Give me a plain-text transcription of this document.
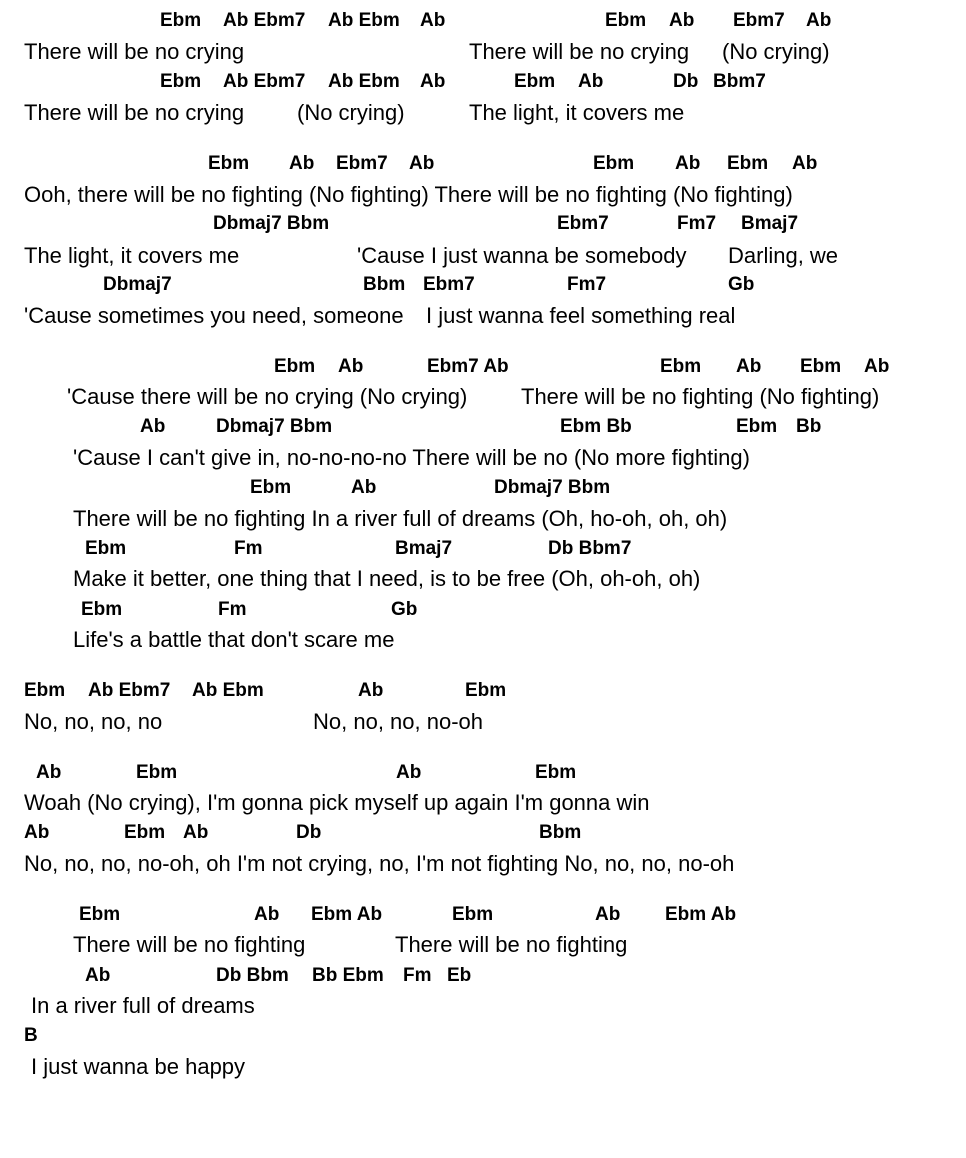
Ebm

Ab Ebm7

Ab Ebm

Ab

	Ebm

Ab

Ebm7

Ab

There will be no crying

	There will be no crying

(No crying)

Ebm

Ab Ebm7

Ab Ebm

Ab

	Ebm

Ab

	Db

Bbm7

There will be no crying

(No crying)

	The light, it covers me

Ebm

Ab

Ebm7

Ab

	Ebm

Ab

Ebm

Ab

Ooh, there will be no fighting (No fighting) There will be no fighting (No fighting)

Dbmaj7 Bbm

	Ebm7

	Fm7

Bmaj7

The light, it covers me

	'Cause I just wanna be somebody

Darling, we

Dbmaj7

	Bbm

Ebm7

	Fm7

	Gb

'Cause sometimes you need, someone

I just wanna feel something real

Ebm

Ab

	Ebm7 Ab

	Ebm

Ab

Ebm

Ab

'Cause there will be no crying (No crying)

There will be no fighting (No fighting)

Ab

	Dbmaj7 Bbm

	Ebm Bb

	Ebm

Bb

'Cause I can't give in, no-no-no-no There will be no (No more fighting)

Ebm

	Ab

	Dbmaj7 Bbm

There will be no fighting In a river full of dreams (Oh, ho-oh, oh, oh)

Ebm

	Fm

	Bmaj7

	Db Bbm7

Make it better, one thing that I need, is to be free (Oh, oh-oh, oh)

Ebm

	Fm

	Gb

Life's a battle that don't scare me

Ebm

Ab Ebm7

Ab Ebm

	Ab

	Ebm

No, no, no, no

	No, no, no, no-oh

Ab

	Ebm

	Ab

	Ebm

Woah (No crying), I'm gonna pick myself up again I'm gonna win

Ab

	Ebm

Ab

	Db

	Bbm

No, no, no, no-oh, oh I'm not crying, no, I'm not fighting No, no, no, no-oh

Ebm

	Ab

Ebm Ab

	Ebm

	Ab

Ebm Ab

There will be no fighting

	There will be no fighting

Ab

	Db Bbm

Bb Ebm

Fm

Eb

In a river full of dreams

B

I just wanna be happy
